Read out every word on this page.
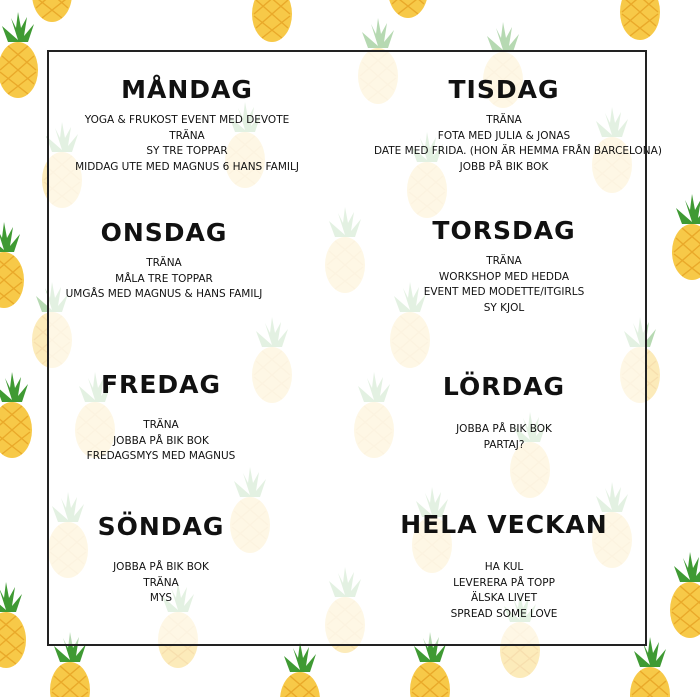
MÅNDAG
YOGA & FRUKOST EVENT MED DEVOTE
TRÄNA
SY TRE TOPPAR
MIDDAG UTE MED MAGNUS 6 HANS FAMILJ
TISDAG
TRÄNA
FOTA MED JULIA & JONAS
DATE MED FRIDA. (HON ÄR HEMMA FRÅN BARCELONA)
JOBB PÅ BIK BOK
ONSDAG
TRÄNA
MÅLA TRE TOPPAR
UMGÅS MED MAGNUS & HANS FAMILJ
TORSDAG
TRÄNA
WORKSHOP MED HEDDA
EVENT MED MODETTE/ITGIRLS
SY KJOL
FREDAG
TRÄNA
JOBBA PÅ BIK BOK
FREDAGSMYS MED MAGNUS
LÖRDAG
JOBBA PÅ BIK BOK
PARTAJ?
SÖNDAG
JOBBA PÅ BIK BOK
TRÄNA
MYS
HELA VECKAN
HA KUL
LEVERERA PÅ TOPP
ÄLSKA LIVET
SPREAD SOME LOVE
